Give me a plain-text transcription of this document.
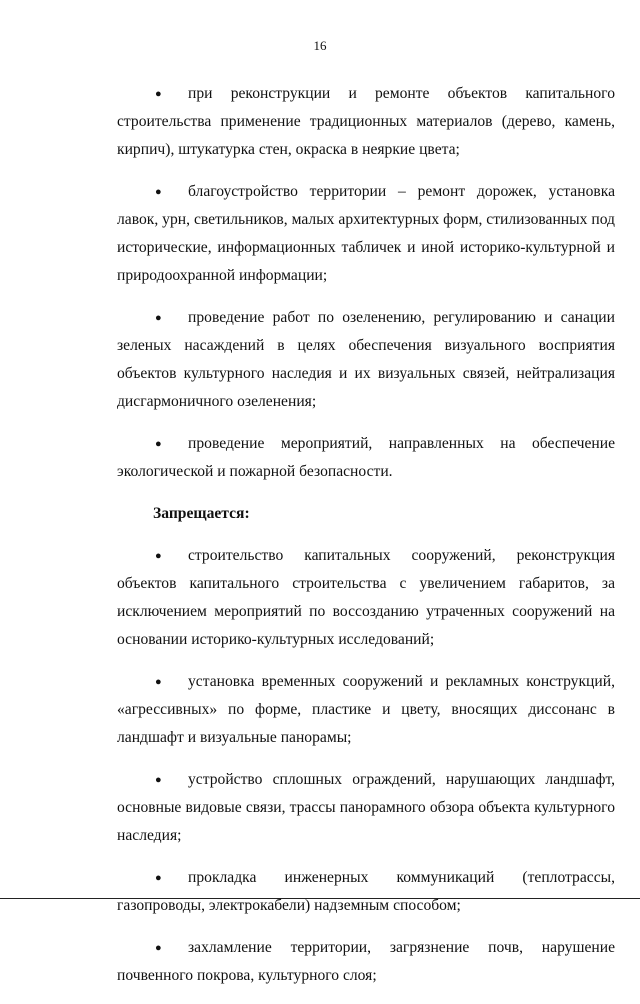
16
● при реконструкции и ремонте объектов капитального строительства применение традиционных материалов (дерево, камень, кирпич), штукатурка стен, окраска в неяркие цвета;
● благоустройство территории – ремонт дорожек, установка лавок, урн, светильников, малых архитектурных форм, стилизованных под исторические, информационных табличек и иной историко-культурной и природоохранной информации;
● проведение работ по озеленению, регулированию и санации зеленых насаждений в целях обеспечения визуального восприятия объектов культурного наследия и их визуальных связей, нейтрализация дисгармоничного озеленения;
● проведение мероприятий, направленных на обеспечение экологической и пожарной безопасности.
Запрещается:
● строительство капитальных сооружений, реконструкция объектов капитального строительства с увеличением габаритов, за исключением мероприятий по воссозданию утраченных сооружений на основании историко-культурных исследований;
● установка временных сооружений и рекламных конструкций, «агрессивных» по форме, пластике и цвету, вносящих диссонанс в ландшафт и визуальные панорамы;
● устройство сплошных ограждений, нарушающих ландшафт, основные видовые связи, трассы панорамного обзора объекта культурного наследия;
● прокладка инженерных коммуникаций (теплотрассы, газопроводы, электрокабели) надземным способом;
● захламление территории, загрязнение почв, нарушение почвенного покрова, культурного слоя;
